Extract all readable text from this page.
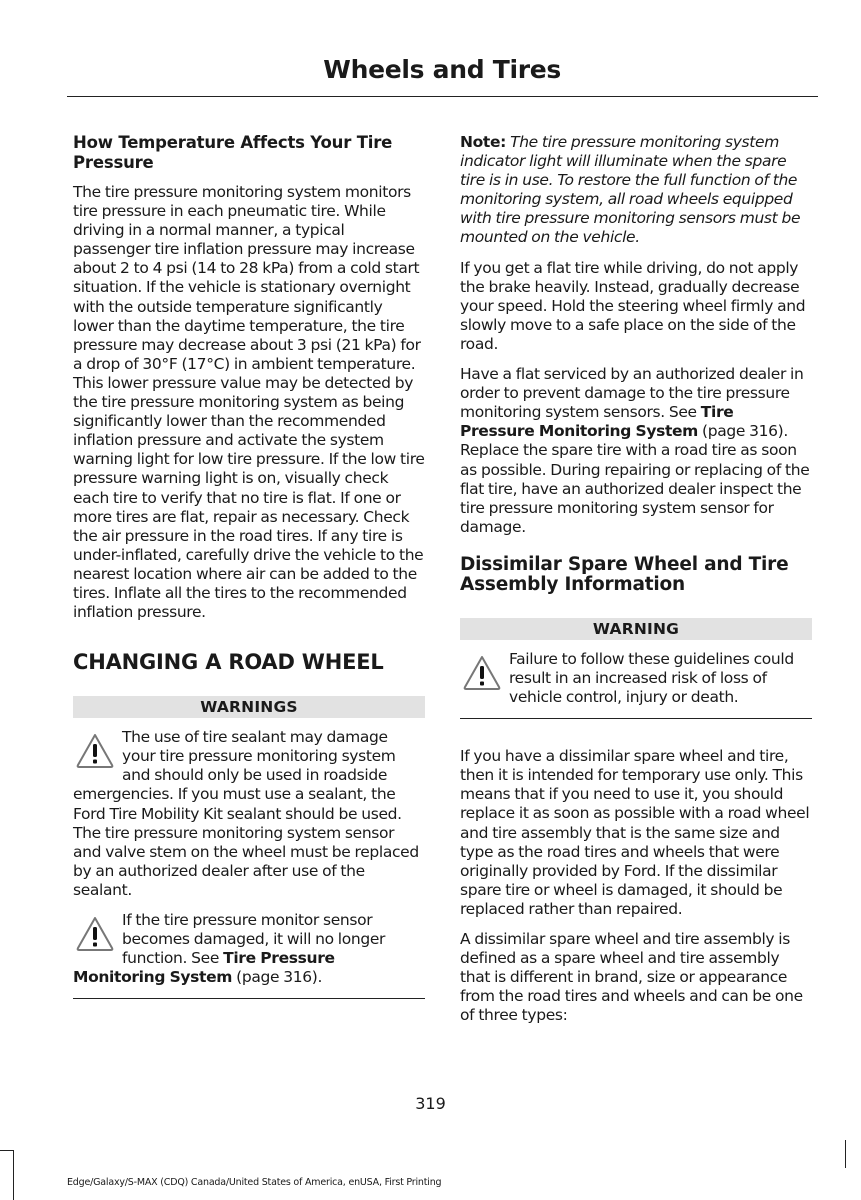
Wheels and Tires
How Temperature Affects Your Tire Pressure
The tire pressure monitoring system monitors tire pressure in each pneumatic tire. While driving in a normal manner, a typical passenger tire inflation pressure may increase about 2 to 4 psi (14 to 28 kPa) from a cold start situation. If the vehicle is stationary overnight with the outside temperature significantly lower than the daytime temperature, the tire pressure may decrease about 3 psi (21 kPa) for a drop of 30°F (17°C) in ambient temperature. This lower pressure value may be detected by the tire pressure monitoring system as being significantly lower than the recommended inflation pressure and activate the system warning light for low tire pressure. If the low tire pressure warning light is on, visually check each tire to verify that no tire is flat. If one or more tires are flat, repair as necessary. Check the air pressure in the road tires. If any tire is under-inflated, carefully drive the vehicle to the nearest location where air can be added to the tires. Inflate all the tires to the recommended inflation pressure.
CHANGING A ROAD WHEEL
WARNINGS
The use of tire sealant may damage your tire pressure monitoring system and should only be used in roadside emergencies. If you must use a sealant, the Ford Tire Mobility Kit sealant should be used. The tire pressure monitoring system sensor and valve stem on the wheel must be replaced by an authorized dealer after use of the sealant.
If the tire pressure monitor sensor becomes damaged, it will no longer function. See Tire Pressure Monitoring System (page 316).
Note: The tire pressure monitoring system indicator light will illuminate when the spare tire is in use. To restore the full function of the monitoring system, all road wheels equipped with tire pressure monitoring sensors must be mounted on the vehicle.
If you get a flat tire while driving, do not apply the brake heavily. Instead, gradually decrease your speed. Hold the steering wheel firmly and slowly move to a safe place on the side of the road.
Have a flat serviced by an authorized dealer in order to prevent damage to the tire pressure monitoring system sensors. See Tire Pressure Monitoring System (page 316). Replace the spare tire with a road tire as soon as possible. During repairing or replacing of the flat tire, have an authorized dealer inspect the tire pressure monitoring system sensor for damage.
Dissimilar Spare Wheel and Tire Assembly Information
WARNING
Failure to follow these guidelines could result in an increased risk of loss of vehicle control, injury or death.
If you have a dissimilar spare wheel and tire, then it is intended for temporary use only. This means that if you need to use it, you should replace it as soon as possible with a road wheel and tire assembly that is the same size and type as the road tires and wheels that were originally provided by Ford. If the dissimilar spare tire or wheel is damaged, it should be replaced rather than repaired.
A dissimilar spare wheel and tire assembly is defined as a spare wheel and tire assembly that is different in brand, size or appearance from the road tires and wheels and can be one of three types:
319
Edge/Galaxy/S-MAX (CDQ) Canada/United States of America, enUSA, First Printing
